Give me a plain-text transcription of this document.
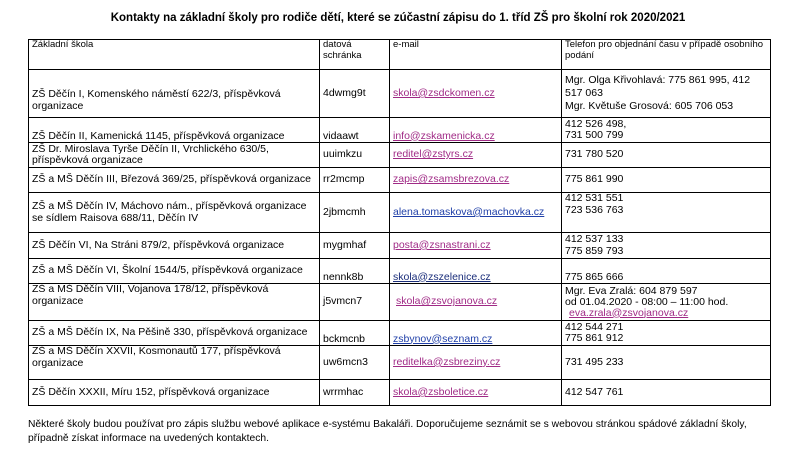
Kontakty na základní školy pro rodiče dětí, které se zúčastní zápisu do 1. tříd ZŠ pro školní rok 2020/2021
Základní škola	datová schránka	e-mail	Telefon pro objednání času v případě osobního podání
ZŠ Děčín I, Komenského náměstí 622/3, příspěvková organizace	4dwmg9t	skola@zsdckomen.cz	Mgr. Olga Křivohlavá: 775 861 995, 412 517 063
Mgr. Květuše Grosová: 605 706 053

ZŠ Děčín II, Kamenická 1145, příspěvková organizace	vidaawt	info@zskamenicka.cz	412 526 498,
731 500 799

ZŠ Dr. Miroslava Tyrše Děčín II, Vrchlického 630/5, příspěvková organizace	uuimkzu	reditel@zstyrs.cz	731 780 520
ZŠ a MŠ Děčín III, Březová 369/25, příspěvková organizace	rr2mcmp	zapis@zsamsbrezova.cz	775 861 990
ZŠ a MŠ Děčín IV, Máchovo nám., příspěvková organizace se sídlem Raisova 688/11, Děčín IV	2jbmcmh	alena.tomaskova@machovka.cz	412 531 551
723 536 763

ZŠ Děčín VI, Na Stráni 879/2, příspěvková organizace	mygmhaf	posta@zsnastrani.cz	412 537 133
775 859 793

ZŠ a MŠ Děčín VI, Školní 1544/5, příspěvková organizace	nennk8b	skola@zszelenice.cz	775 865 666
ZŠ a MŠ Děčín VIII, Vojanova 178/12, příspěvková organizace	j5vmcn7	skola@zsvojanova.cz	Mgr. Eva Zralá: 604 879 597
od 01.04.2020 - 08:00 – 11:00 hod.
eva.zrala@zsvojanova.cz

ZŠ a MŠ Děčín IX, Na Pěšině 330, příspěvková organizace	bckmcnb	zsbynov@seznam.cz	412 544 271
775 861 912

ZŠ a MŠ Děčín XXVII, Kosmonautů 177, příspěvková organizace	uw6mcn3	reditelka@zsbreziny.cz	731 495 233
ZŠ Děčín XXXII, Míru 152, příspěvková organizace	wrrmhac	skola@zsboletice.cz	412 547 761
Některé školy budou používat pro zápis službu webové aplikace e-systému Bakaláři. Doporučujeme seznámit se s webovou stránkou spádové základní školy, případně získat informace na uvedených kontaktech.
